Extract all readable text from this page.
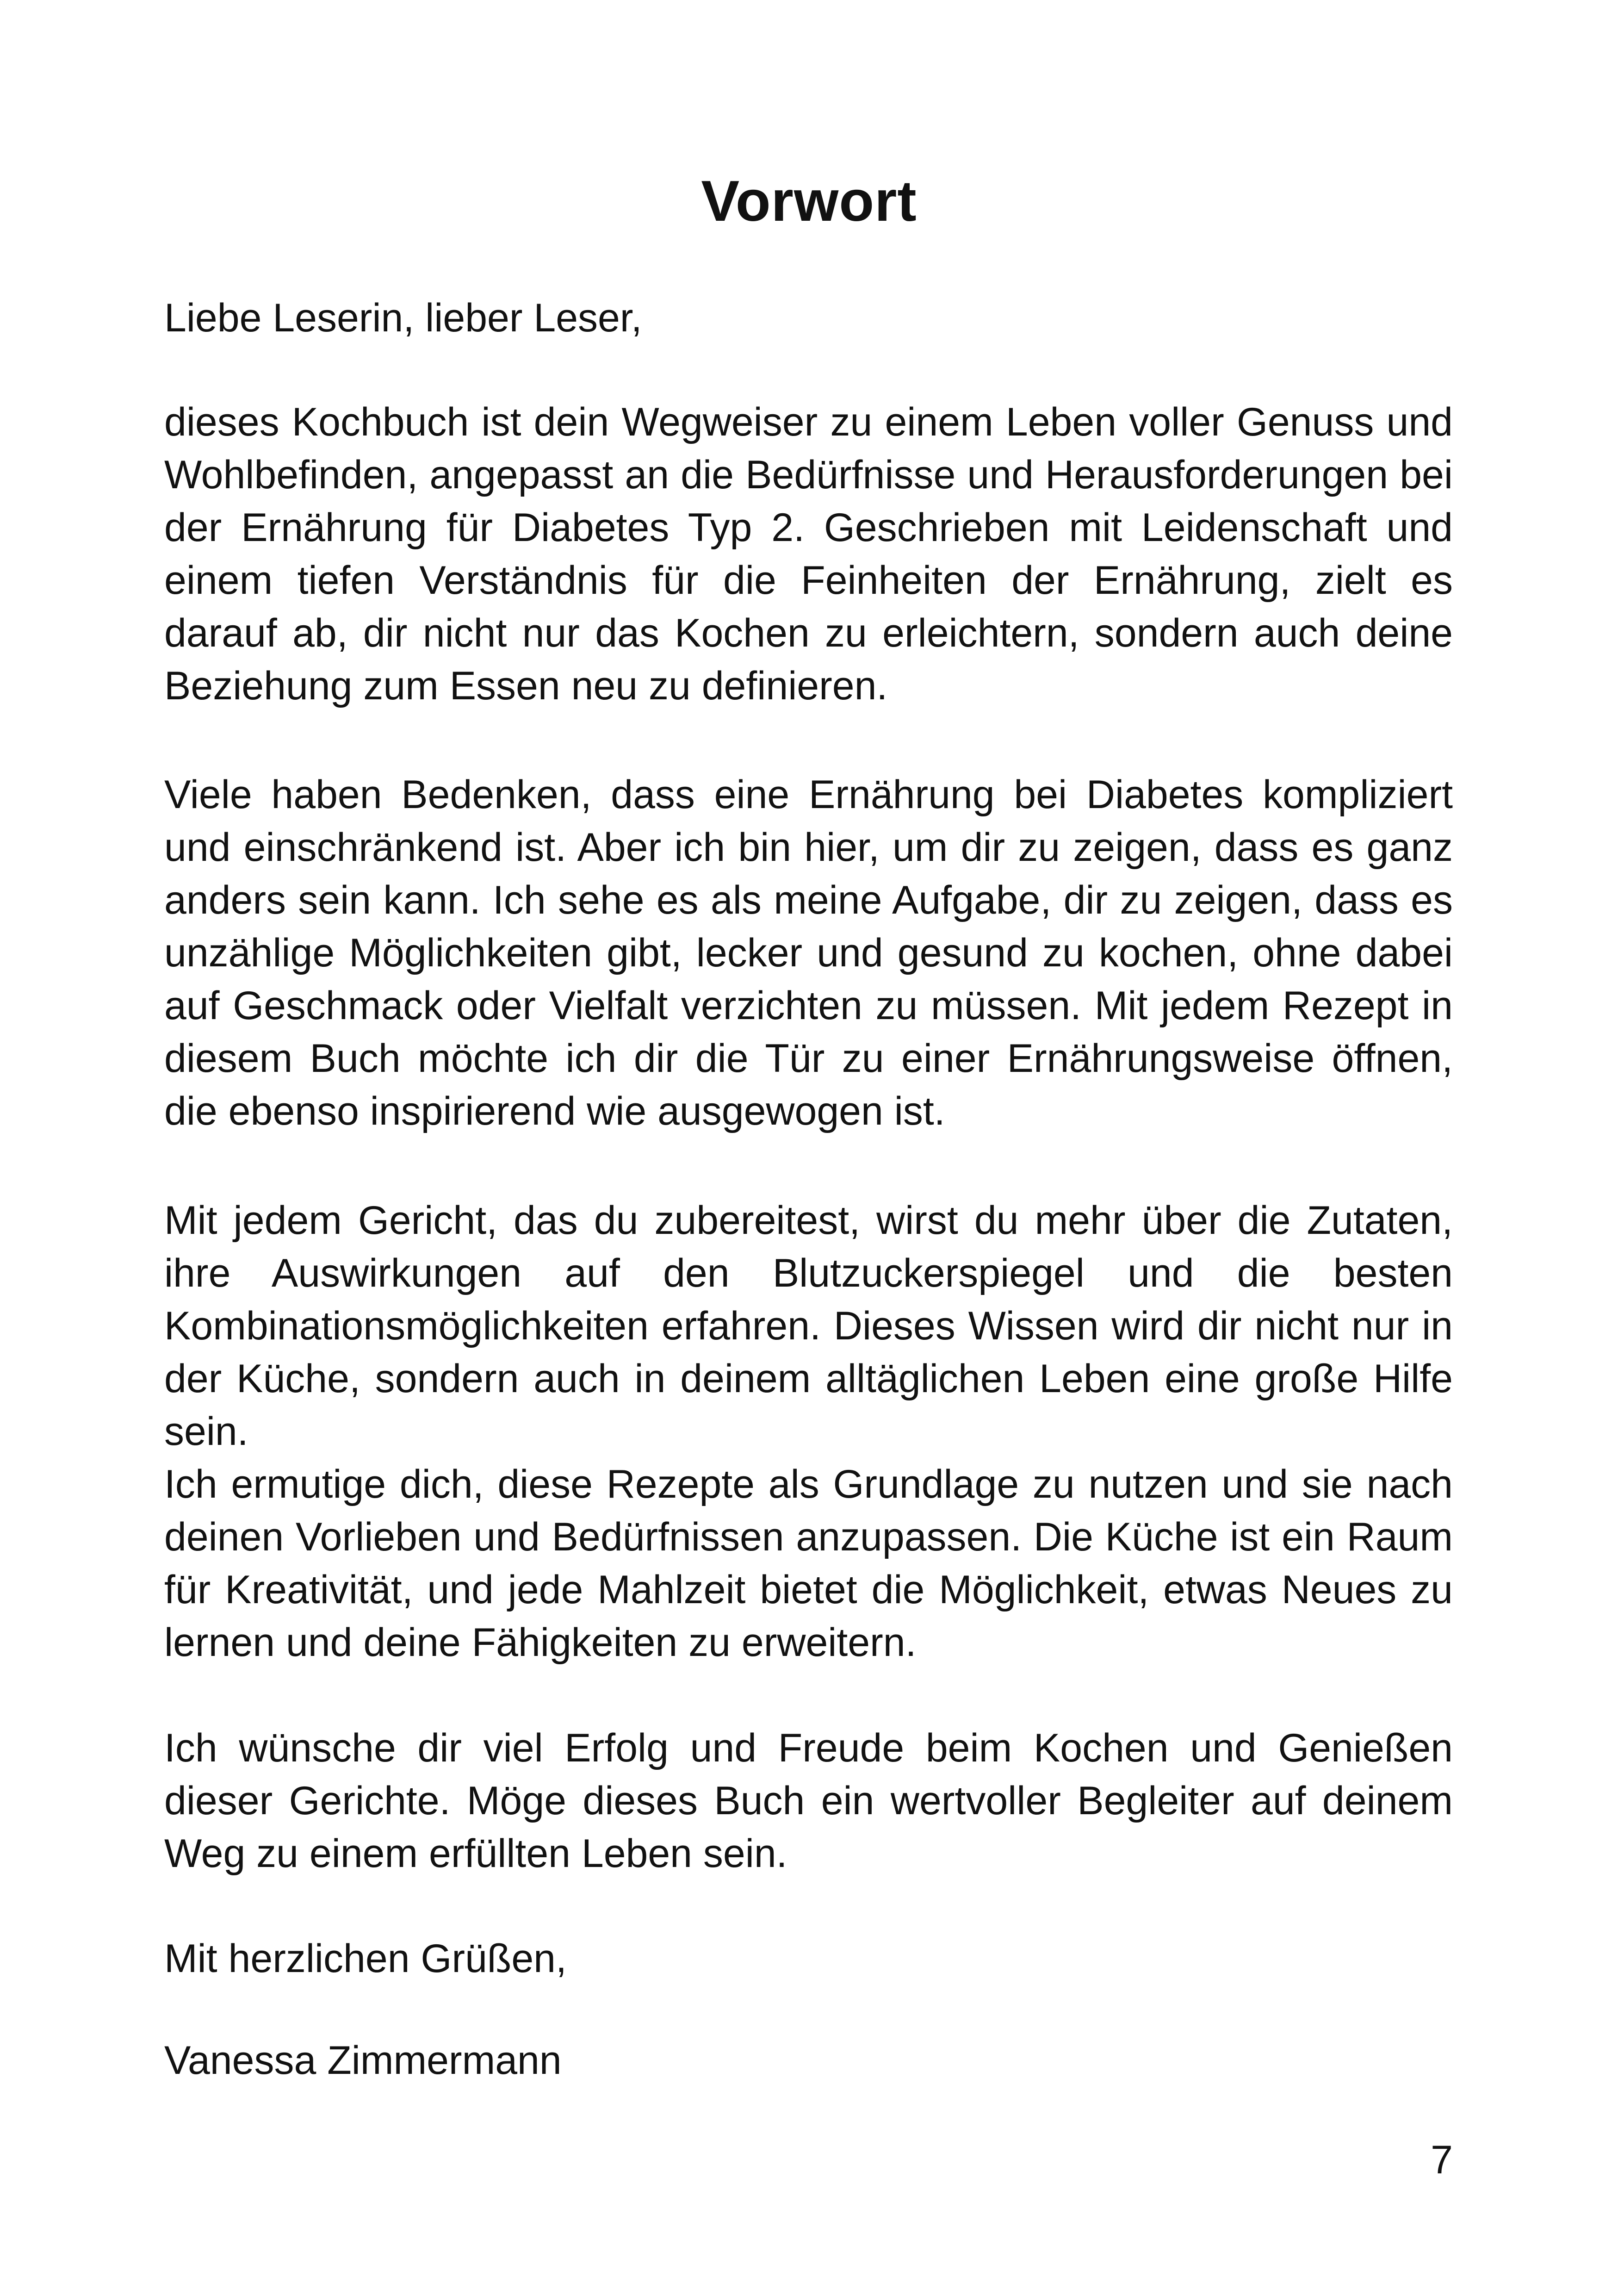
Vorwort

Liebe Leserin, lieber Leser,

dieses Kochbuch ist dein Wegweiser zu einem Leben voller Genuss und Wohlbefinden, angepasst an die Bedürfnisse und Herausforderungen bei der Ernährung für Diabetes Typ 2. Geschrieben mit Leidenschaft und einem tiefen Verständnis für die Feinheiten der Ernährung, zielt es darauf ab, dir nicht nur das Kochen zu erleichtern, sondern auch deine Beziehung zum Essen neu zu definieren.

Viele haben Bedenken, dass eine Ernährung bei Diabetes kompliziert und einschränkend ist. Aber ich bin hier, um dir zu zeigen, dass es ganz anders sein kann. Ich sehe es als meine Aufgabe, dir zu zeigen, dass es unzählige Möglichkeiten gibt, lecker und gesund zu kochen, ohne dabei auf Geschmack oder Vielfalt verzichten zu müssen. Mit jedem Rezept in diesem Buch möchte ich dir die Tür zu einer Ernährungsweise öffnen, die ebenso inspirierend wie ausgewogen ist.

Mit jedem Gericht, das du zubereitest, wirst du mehr über die Zutaten, ihre Auswirkungen auf den Blutzuckerspiegel und die besten Kombinationsmöglichkeiten erfahren. Dieses Wissen wird dir nicht nur in der Küche, sondern auch in deinem alltäglichen Leben eine große Hilfe sein.

Ich ermutige dich, diese Rezepte als Grundlage zu nutzen und sie nach deinen Vorlieben und Bedürfnissen anzupassen. Die Küche ist ein Raum für Kreativität, und jede Mahlzeit bietet die Möglichkeit, etwas Neues zu lernen und deine Fähigkeiten zu erweitern.

Ich wünsche dir viel Erfolg und Freude beim Kochen und Genießen dieser Gerichte. Möge dieses Buch ein wertvoller Begleiter auf deinem Weg zu einem erfüllten Leben sein.

Mit herzlichen Grüßen,

Vanessa Zimmermann

7
